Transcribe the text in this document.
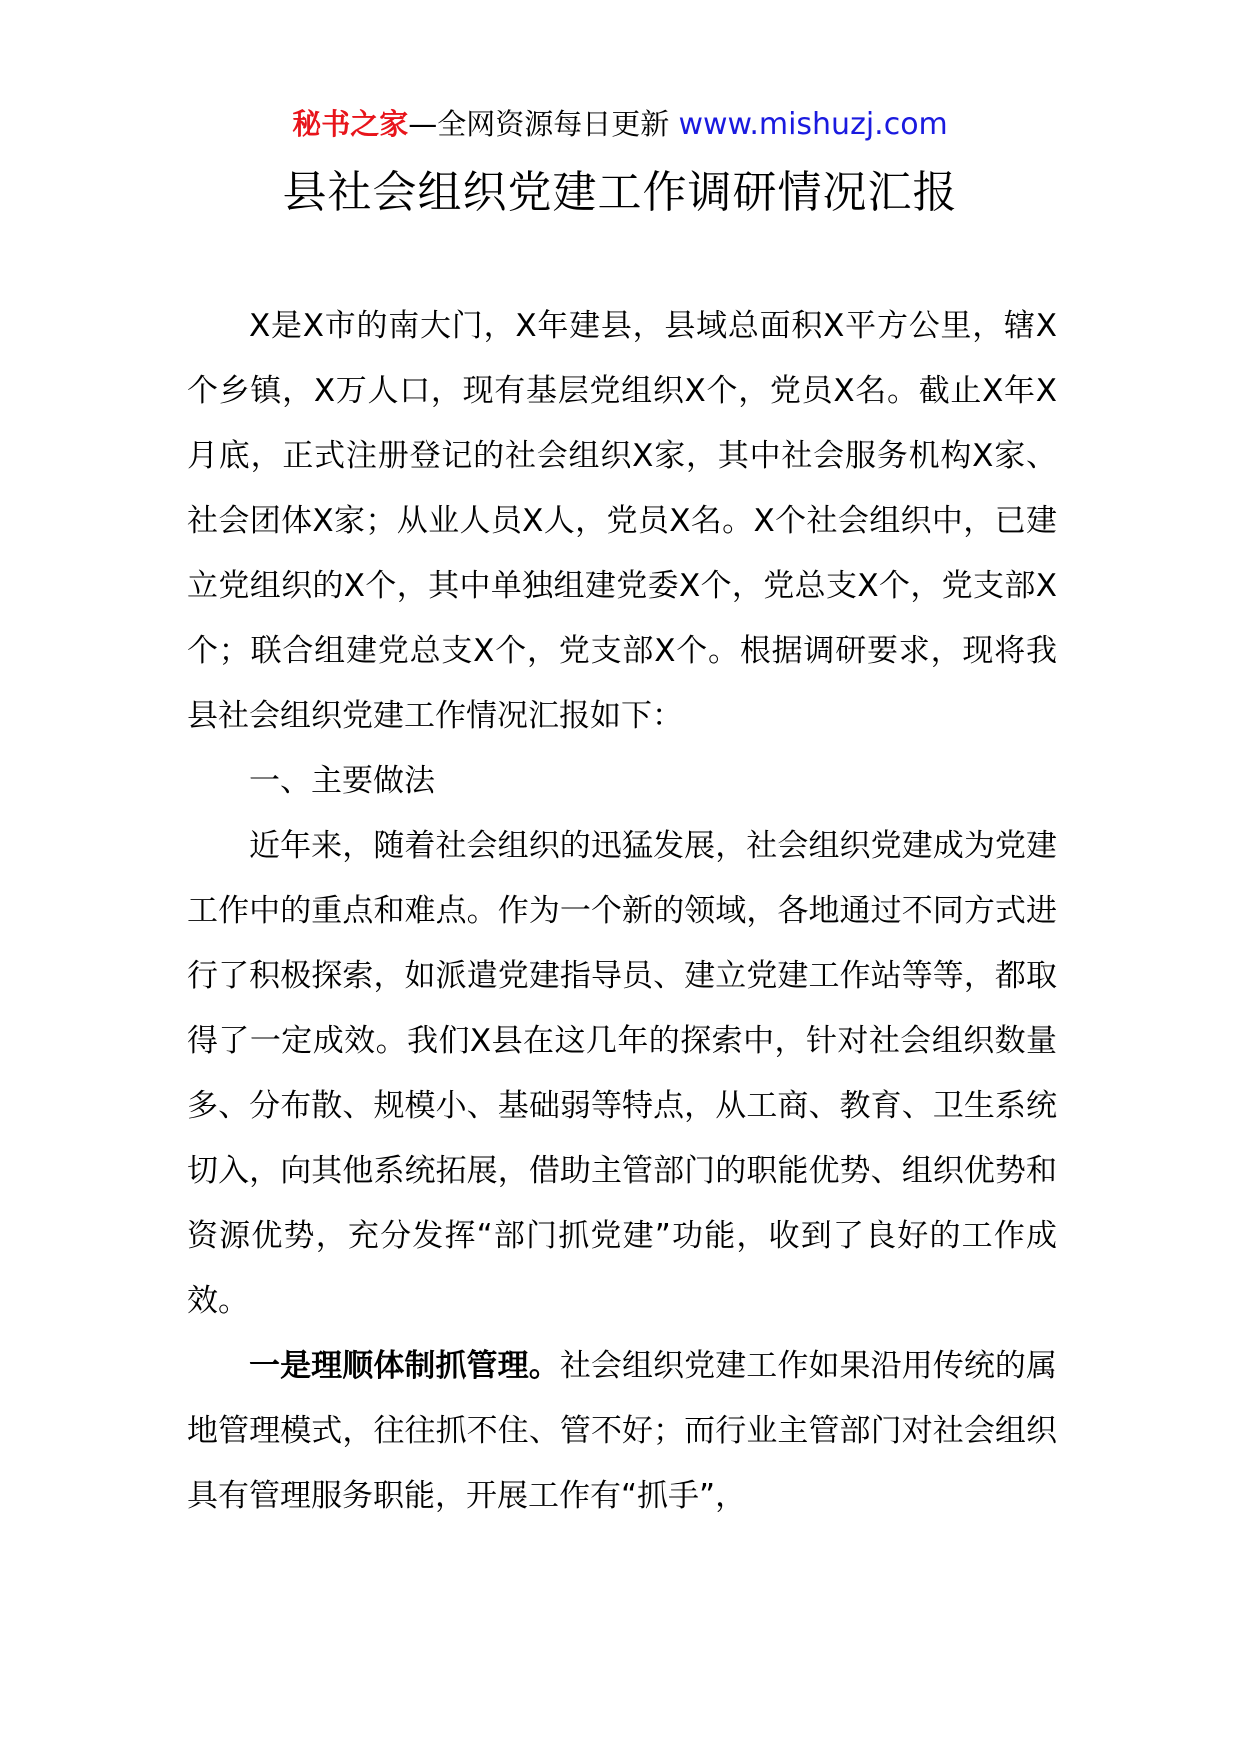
秘书之家—全网资源每日更新 www.mishuzj.com
县社会组织党建工作调研情况汇报

X是X市的南大门，X年建县，县域总面积X平方公里，辖X个乡镇，X万人口，现有基层党组织X个，党员X名。截止X年X月底，正式注册登记的社会组织X家，其中社会服务机构X家、社会团体X家；从业人员X人，党员X名。X个社会组织中，已建立党组织的X个，其中单独组建党委X个，党总支X个，党支部X个；联合组建党总支X个，党支部X个。根据调研要求，现将我县社会组织党建工作情况汇报如下：

一、主要做法

近年来，随着社会组织的迅猛发展，社会组织党建成为党建工作中的重点和难点。作为一个新的领域，各地通过不同方式进行了积极探索，如派遣党建指导员、建立党建工作站等等，都取得了一定成效。我们X县在这几年的探索中，针对社会组织数量多、分布散、规模小、基础弱等特点，从工商、教育、卫生系统切入，向其他系统拓展，借助主管部门的职能优势、组织优势和资源优势，充分发挥“部门抓党建”功能，收到了良好的工作成效。

一是理顺体制抓管理。社会组织党建工作如果沿用传统的属地管理模式，往往抓不住、管不好；而行业主管部门对社会组织具有管理服务职能，开展工作有“抓手”，
